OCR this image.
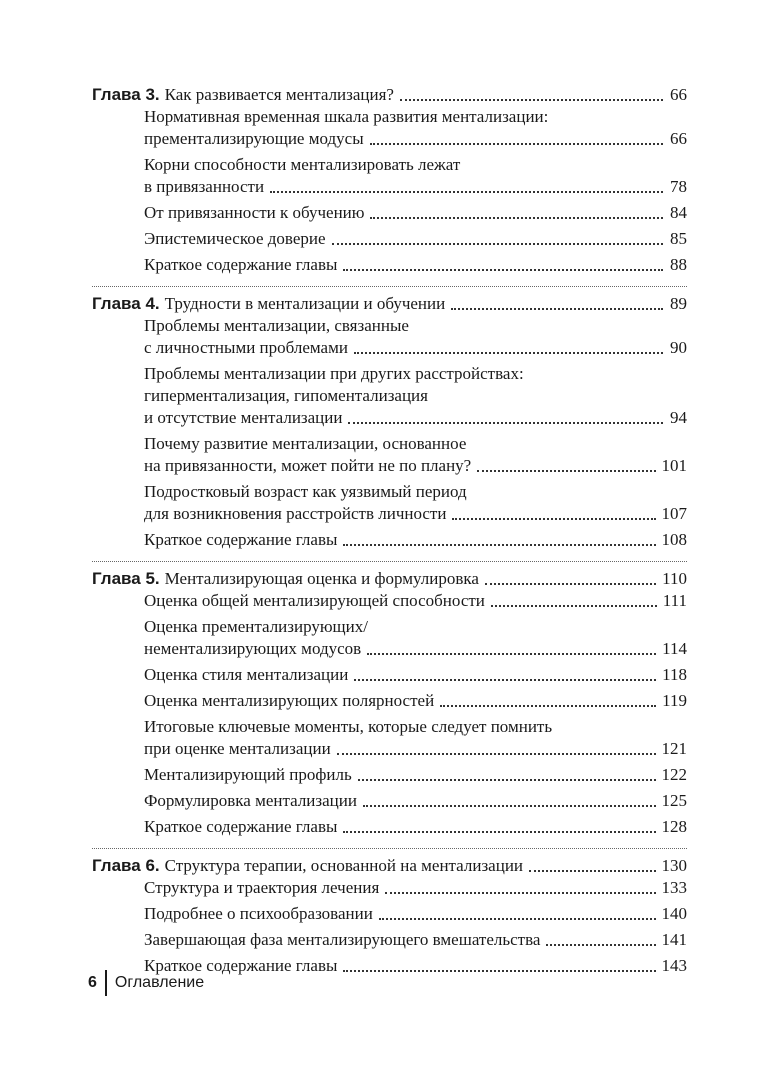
Глава 3. Как развивается ментализация?	66
Нормативная временная шкала развития ментализации:
прементализирующие модусы	66
Корни способности ментализировать лежат
в привязанности	78
От привязанности к обучению	84
Эпистемическое доверие	85
Краткое содержание главы	88
Глава 4. Трудности в ментализации и обучении	89
Проблемы ментализации, связанные
с личностными проблемами	90
Проблемы ментализации при других расстройствах:
гиперментализация, гипоментализация
и отсутствие ментализации	94
Почему развитие ментализации, основанное
на привязанности, может пойти не по плану?	101
Подростковый возраст как уязвимый период
для возникновения расстройств личности	107
Краткое содержание главы	108
Глава 5. Ментализирующая оценка и формулировка	110
Оценка общей ментализирующей способности	111
Оценка прементализирующих/
нементализирующих модусов	114
Оценка стиля ментализации	118
Оценка ментализирующих полярностей	119
Итоговые ключевые моменты, которые следует помнить
при оценке ментализации	121
Ментализирующий профиль	122
Формулировка ментализации	125
Краткое содержание главы	128
Глава 6. Структура терапии, основанной на ментализации	130
Структура и траектория лечения	133
Подробнее о психообразовании	140
Завершающая фаза ментализирующего вмешательства	141
Краткое содержание главы	143
6 Оглавление
